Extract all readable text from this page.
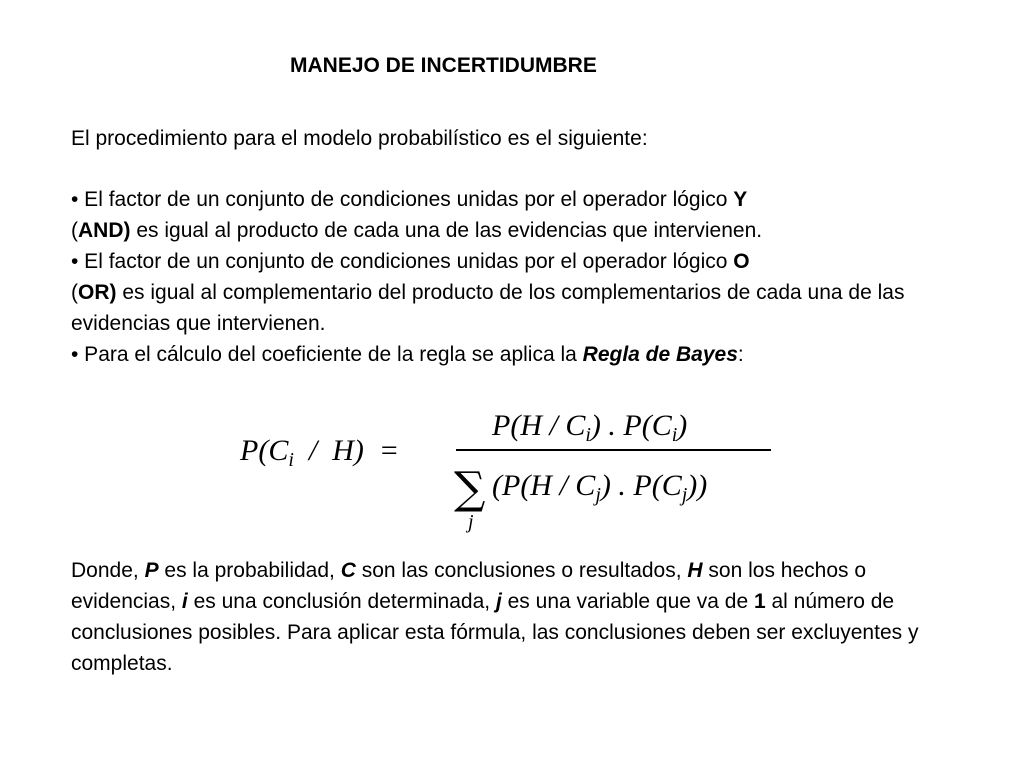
MANEJO DE INCERTIDUMBRE
El procedimiento para el modelo probabilístico es el siguiente:

• El factor de un conjunto de condiciones unidas por el operador lógico Y
(AND) es igual al producto de cada una de las evidencias que intervienen.

• El factor de un conjunto de condiciones unidas por el operador lógico O
(OR) es igual al complementario del producto de los complementarios de cada una de las evidencias que intervienen.

• Para el cálculo del coeficiente de la regla se aplica la Regla de Bayes:

$P(C_i / H)$  =
$P(H / C_i)$ . $P(C_i)$
∑
j
($P(H / C_j)$ . $P(C_j)$)
Donde, P es la probabilidad, C son las conclusiones o resultados, H son los hechos o evidencias, i es una conclusión determinada, j es una variable que va de 1 al número de conclusiones posibles. Para aplicar esta fórmula, las conclusiones deben ser excluyentes y completas.
